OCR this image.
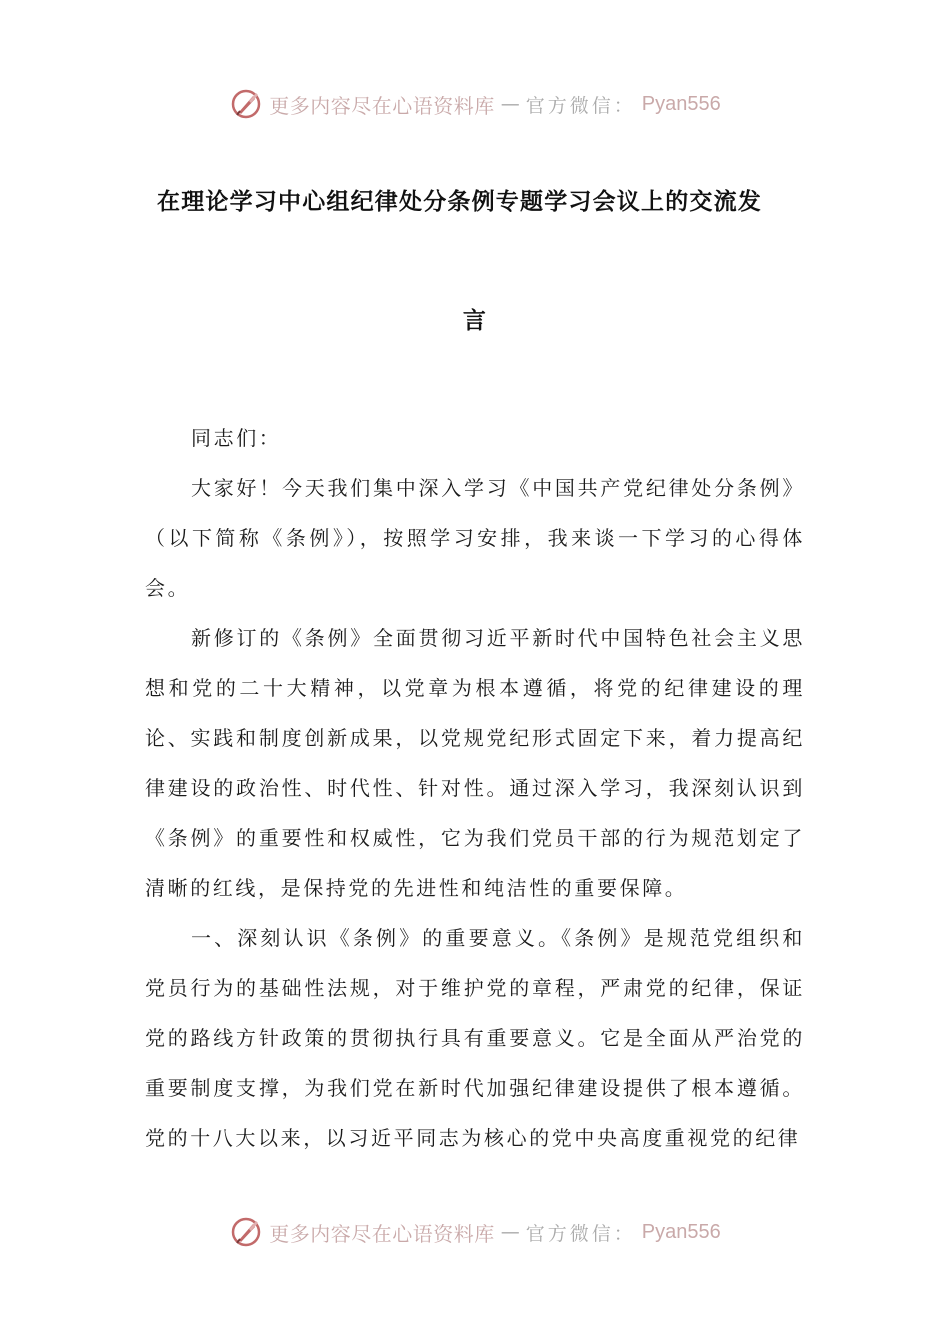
更多内容尽在心语资料库 — 官方微信： Pyan556
在理论学习中心组纪律处分条例专题学习会议上的交流发
言

同志们：

大家好！今天我们集中深入学习《中国共产党纪律处分条例》（以下简称《条例》），按照学习安排，我来谈一下学习的心得体会。

新修订的《条例》全面贯彻习近平新时代中国特色社会主义思想和党的二十大精神，以党章为根本遵循，将党的纪律建设的理论、实践和制度创新成果，以党规党纪形式固定下来，着力提高纪律建设的政治性、时代性、针对性。通过深入学习，我深刻认识到《条例》的重要性和权威性，它为我们党员干部的行为规范划定了清晰的红线，是保持党的先进性和纯洁性的重要保障。

一、深刻认识《条例》的重要意义。《条例》是规范党组织和党员行为的基础性法规，对于维护党的章程，严肃党的纪律，保证党的路线方针政策的贯彻执行具有重要意义。它是全面从严治党的重要制度支撑，为我们党在新时代加强纪律建设提供了根本遵循。党的十八大以来，以习近平同志为核心的党中央高度重视党的纪律

更多内容尽在心语资料库 — 官方微信： Pyan556
